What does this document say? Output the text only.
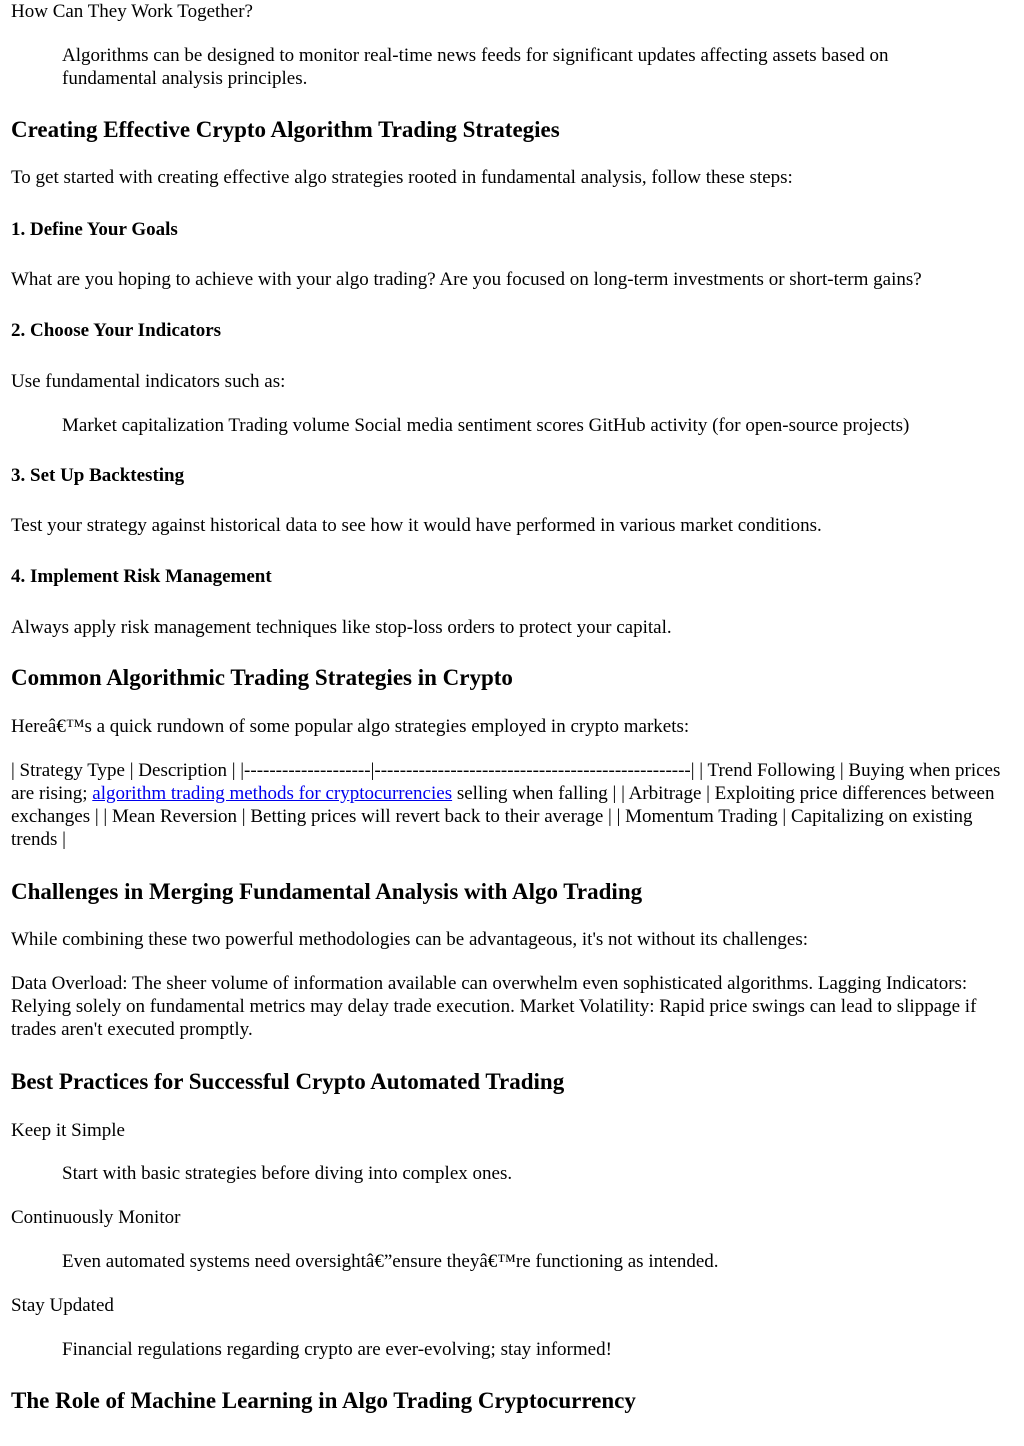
How Can They Work Together?

Algorithms can be designed to monitor real-time news feeds for significant updates affecting assets based on fundamental analysis principles.

Creating Effective Crypto Algorithm Trading Strategies

To get started with creating effective algo strategies rooted in fundamental analysis, follow these steps:

1. Define Your Goals

What are you hoping to achieve with your algo trading? Are you focused on long-term investments or short-term gains?

2. Choose Your Indicators

Use fundamental indicators such as:

Market capitalization Trading volume Social media sentiment scores GitHub activity (for open-source projects)

3. Set Up Backtesting

Test your strategy against historical data to see how it would have performed in various market conditions.

4. Implement Risk Management

Always apply risk management techniques like stop-loss orders to protect your capital.

Common Algorithmic Trading Strategies in Crypto

Hereâ€™s a quick rundown of some popular algo strategies employed in crypto markets:

| Strategy Type | Description | |--------------------|--------------------------------------------------| | Trend Following | Buying when prices are rising; algorithm trading methods for cryptocurrencies selling when falling | | Arbitrage | Exploiting price differences between exchanges | | Mean Reversion | Betting prices will revert back to their average | | Momentum Trading | Capitalizing on existing trends |

Challenges in Merging Fundamental Analysis with Algo Trading

While combining these two powerful methodologies can be advantageous, it's not without its challenges:

Data Overload: The sheer volume of information available can overwhelm even sophisticated algorithms. Lagging Indicators: Relying solely on fundamental metrics may delay trade execution. Market Volatility: Rapid price swings can lead to slippage if trades aren't executed promptly.

Best Practices for Successful Crypto Automated Trading

Keep it Simple

Start with basic strategies before diving into complex ones.

Continuously Monitor

Even automated systems need oversightâ€”ensure theyâ€™re functioning as intended.

Stay Updated

Financial regulations regarding crypto are ever-evolving; stay informed!

The Role of Machine Learning in Algo Trading Cryptocurrency
